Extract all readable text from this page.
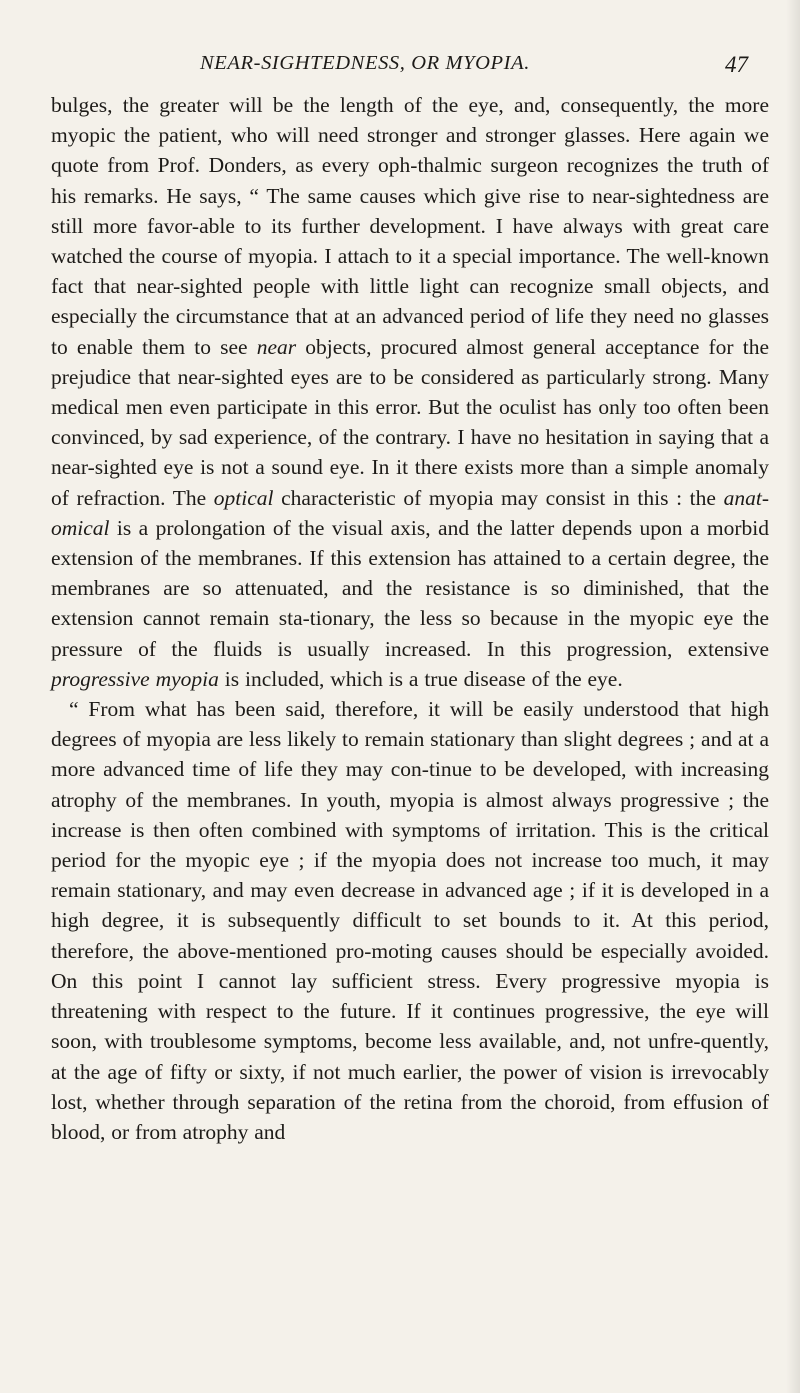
NEAR-SIGHTEDNESS, OR MYOPIA.	47

bulges, the greater will be the length of the eye, and, consequently, the more myopic the patient, who will need stronger and stronger glasses. Here again we quote from Prof. Donders, as every oph-thalmic surgeon recognizes the truth of his remarks. He says, “ The same causes which give rise to near-sightedness are still more favor-able to its further development. I have always with great care watched the course of myopia. I attach to it a special importance. The well-known fact that near-sighted people with little light can recognize small objects, and especially the circumstance that at an advanced period of life they need no glasses to enable them to see near objects, procured almost general acceptance for the prejudice that near-sighted eyes are to be considered as particularly strong. Many medical men even participate in this error. But the oculist has only too often been convinced, by sad experience, of the contrary. I have no hesitation in saying that a near-sighted eye is not a sound eye. In it there exists more than a simple anomaly of refraction. The optical characteristic of myopia may consist in this : the anat-omical is a prolongation of the visual axis, and the latter depends upon a morbid extension of the membranes. If this extension has attained to a certain degree, the membranes are so attenuated, and the resistance is so diminished, that the extension cannot remain sta-tionary, the less so because in the myopic eye the pressure of the fluids is usually increased. In this progression, extensive progressive myopia is included, which is a true disease of the eye.

“ From what has been said, therefore, it will be easily understood that high degrees of myopia are less likely to remain stationary than slight degrees ; and at a more advanced time of life they may con-tinue to be developed, with increasing atrophy of the membranes. In youth, myopia is almost always progressive ; the increase is then often combined with symptoms of irritation. This is the critical period for the myopic eye ; if the myopia does not increase too much, it may remain stationary, and may even decrease in advanced age ; if it is developed in a high degree, it is subsequently difficult to set bounds to it. At this period, therefore, the above-mentioned pro-moting causes should be especially avoided. On this point I cannot lay sufficient stress. Every progressive myopia is threatening with respect to the future. If it continues progressive, the eye will soon, with troublesome symptoms, become less available, and, not unfre-quently, at the age of fifty or sixty, if not much earlier, the power of vision is irrevocably lost, whether through separation of the retina from the choroid, from effusion of blood, or from atrophy and
